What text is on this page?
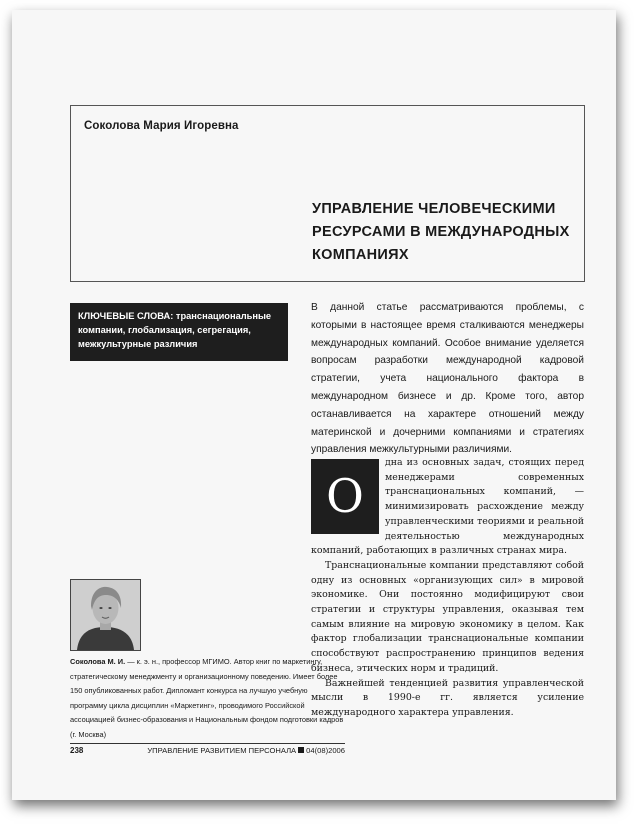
Соколова Мария Игоревна
УПРАВЛЕНИЕ ЧЕЛОВЕЧЕСКИМИ
РЕСУРСАМИ В МЕЖДУНАРОДНЫХ
КОМПАНИЯХ
КЛЮЧЕВЫЕ СЛОВА: транснациональные компании, глобализация, сегрегация, межкультурные различия
В данной статье рассматриваются проблемы, с которыми в настоящее время сталкиваются менеджеры международных компаний. Особое внимание уделяется вопросам разработки международной кадровой стратегии, учета национального фактора в международном бизнесе и др. Кроме того, автор останавливается на характере отношений между материнской и дочерними компаниями и стратегиях управления межкультурными различиями.

О
дна из основных задач, стоящих перед менеджерами современных транснациональных компаний, — минимизировать расхождение между управленческими теориями и реальной деятельностью международных компаний, работающих в различных странах мира.

Транснациональные компании представляют собой одну из основных «организующих сил» в мировой экономике. Они постоянно модифицируют свои стратегии и структуры управления, оказывая тем самым влияние на мировую экономику в целом. Как фактор глобализации транснациональные компании способствуют распространению принципов ведения бизнеса, этических норм и традиций.

Важнейшей тенденцией развития управленческой мысли в 1990-е гг. является усиление международного характера управления.

Соколова М. И. — к. э. н., профессор МГИМО. Автор книг по маркетингу, стратегическому менеджменту и организационному поведению. Имеет более 150 опубликованных работ. Дипломант конкурса на лучшую учебную программу цикла дисциплин «Маркетинг», проводимого Российской ассоциацией бизнес-образования и Национальным фондом подготовки кадров (г. Москва)
238	УПРАВЛЕНИЕ РАЗВИТИЕМ ПЕРСОНАЛА 04(08)2006
